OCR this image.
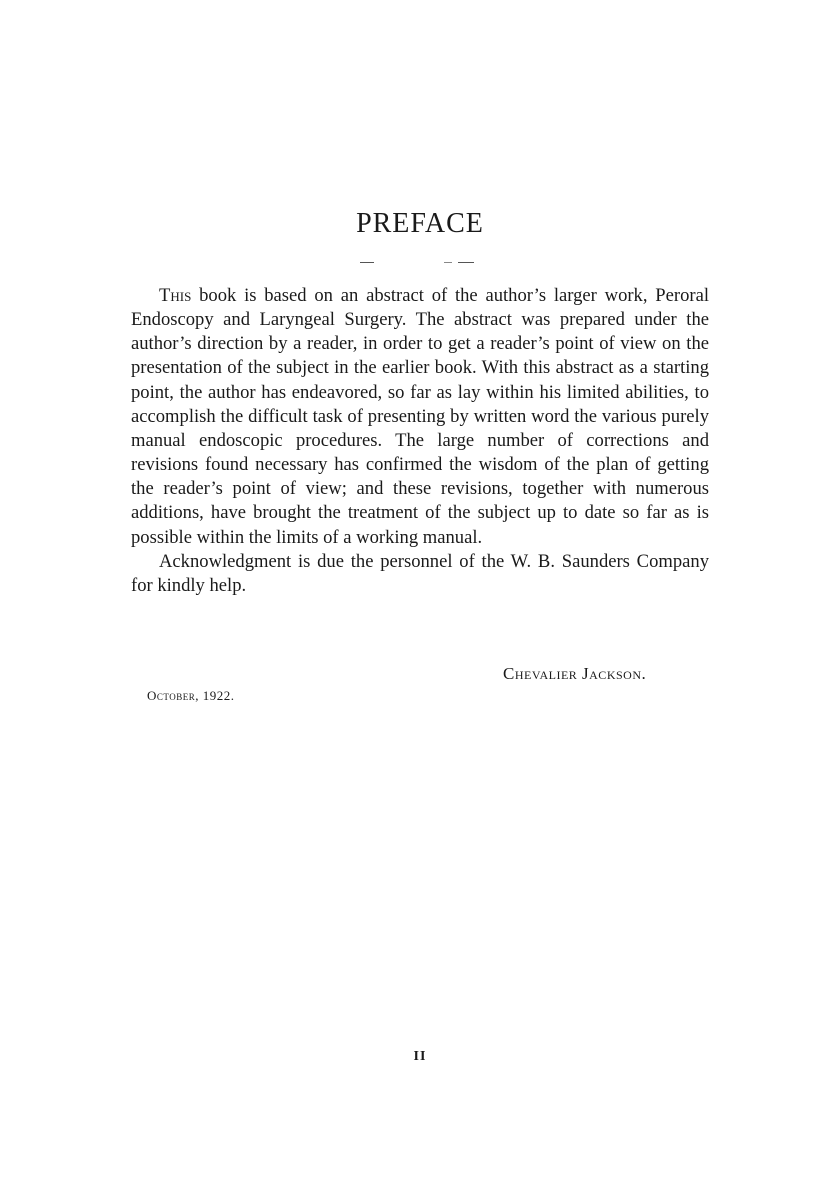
PREFACE

This book is based on an abstract of the author’s larger work, Peroral Endoscopy and Laryngeal Surgery. The abstract was prepared under the author’s direction by a reader, in order to get a reader’s point of view on the presentation of the subject in the earlier book. With this abstract as a starting point, the author has endeavored, so far as lay within his limited abilities, to accomplish the difficult task of presenting by written word the various purely manual endoscopic procedures. The large number of corrections and revisions found necessary has confirmed the wisdom of the plan of getting the reader’s point of view; and these revisions, together with numerous additions, have brought the treatment of the subject up to date so far as is possible within the limits of a working manual.

Acknowledgment is due the personnel of the W. B. Saunders Company for kindly help.

Chevalier Jackson.
October, 1922.
II
